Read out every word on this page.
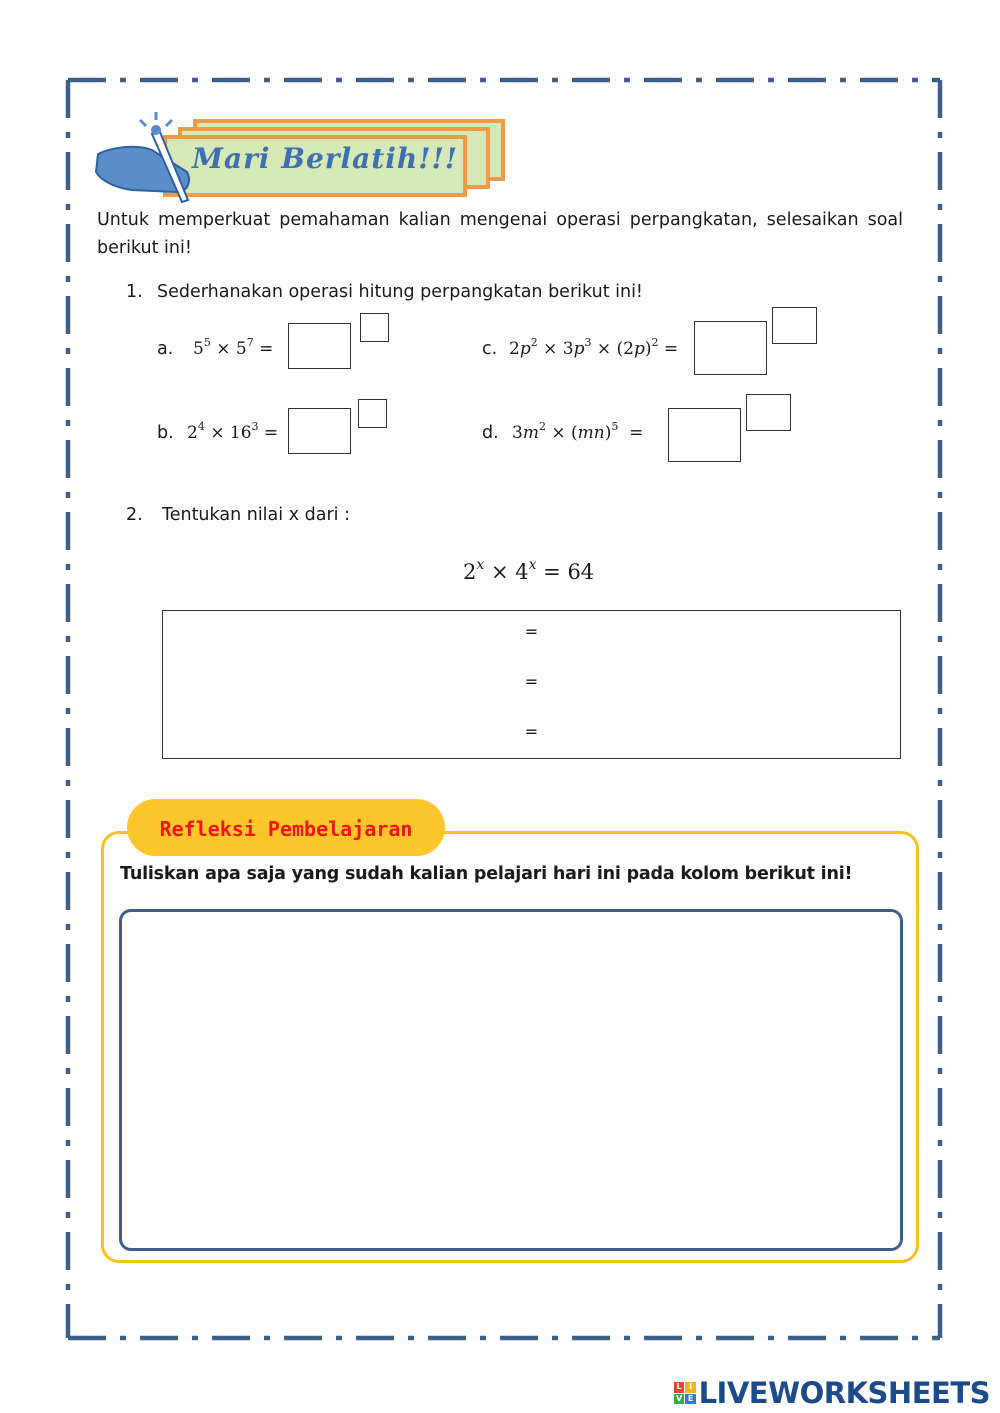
Mari Berlatih!!!
Untuk memperkuat pemahaman kalian mengenai operasi perpangkatan, selesaikan soal berikut ini!
1. Sederhanakan operasi hitung perpangkatan berikut ini!
a. $5^5 \times 5^7$ =
b. $2^4 \times 16^3$ =
c. $2p^2 \times 3p^3 \times (2p)^2$ =
d. $3m^2 \times (mn)^5$  =
2. Tentukan nilai x dari :
$2^x \times 4^x = 64$
=
=
=
Refleksi Pembelajaran
Tuliskan apa saja yang sudah kalian pelajari hari ini pada kolom berikut ini!
L I
V E LIVEWORKSHEETS
